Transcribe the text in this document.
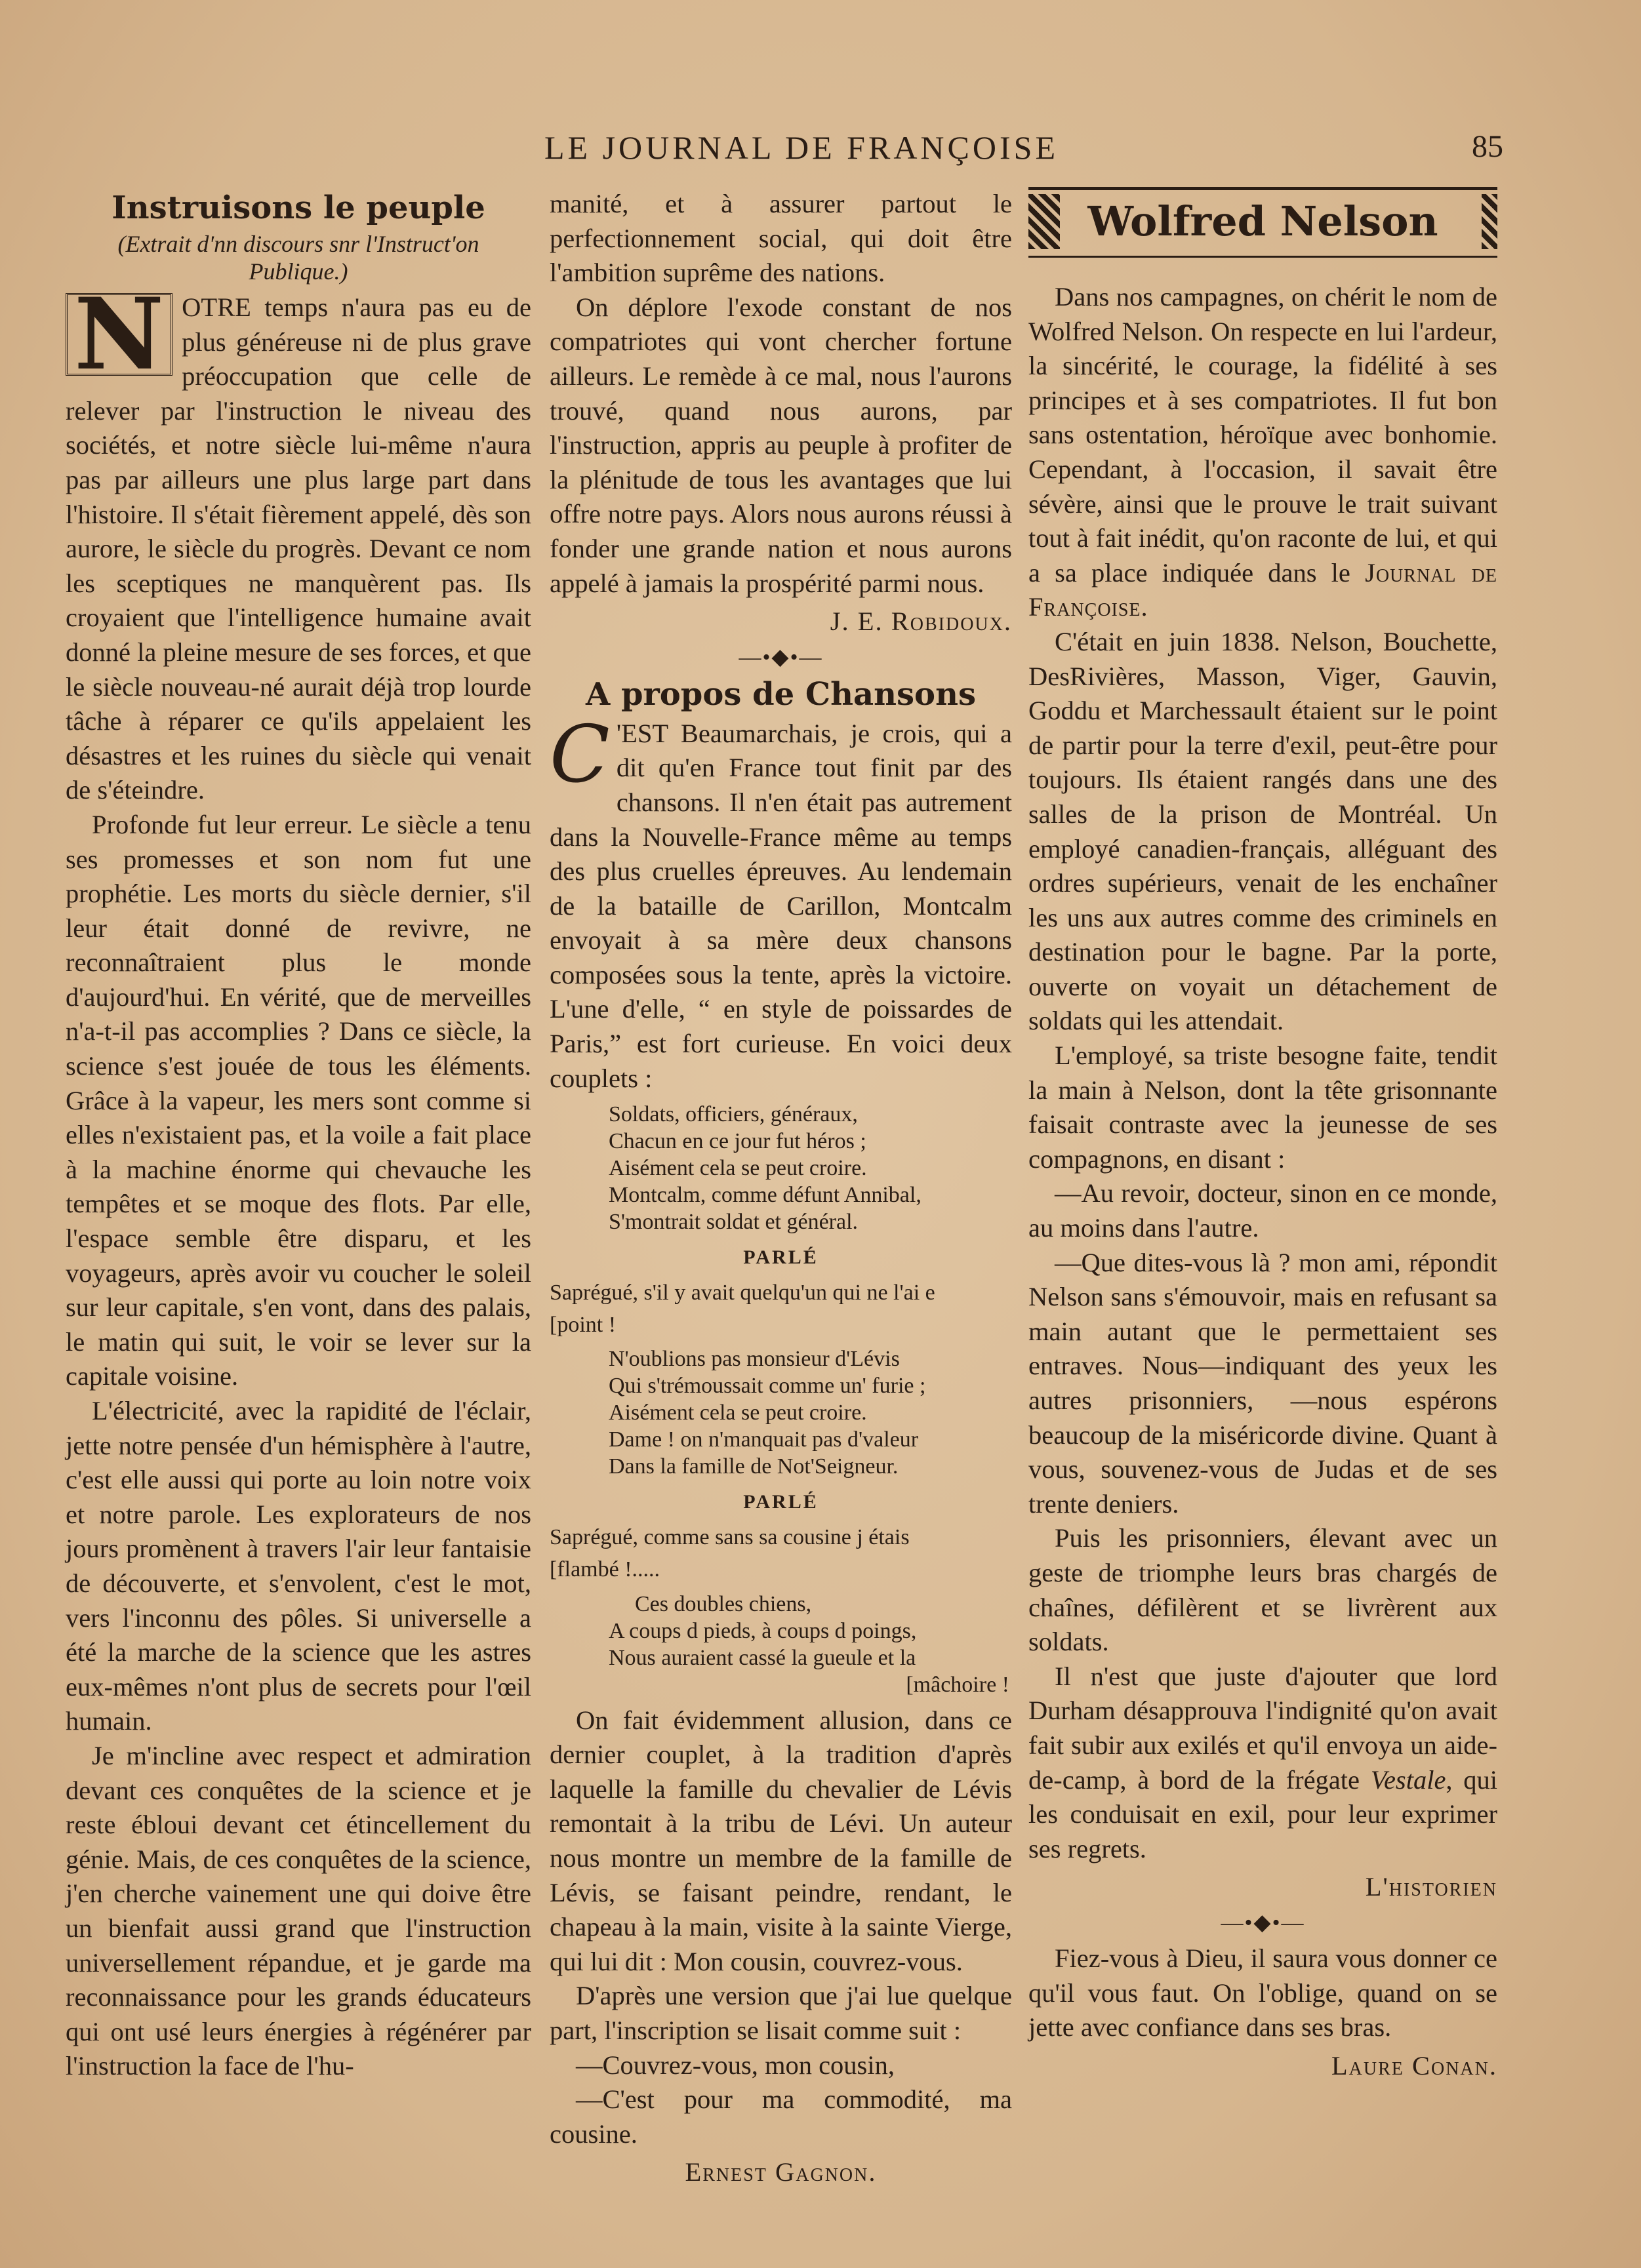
LE JOURNAL DE FRANÇOISE	85
Instruisons le peuple
(Extrait d'nn discours snr l'Instruct'on Publique.)

N OTRE temps n'aura pas eu de plus généreuse ni de plus grave préoccupation que celle de relever par l'instruction le niveau des sociétés, et notre siècle lui-même n'aura pas par ailleurs une plus large part dans l'histoire. Il s'était fièrement appelé, dès son aurore, le siècle du progrès. Devant ce nom les sceptiques ne manquèrent pas. Ils croyaient que l'intelligence humaine avait donné la pleine mesure de ses forces, et que le siècle nouveau-né aurait déjà trop lourde tâche à réparer ce qu'ils appelaient les désastres et les ruines du siècle qui venait de s'éteindre.

Profonde fut leur erreur. Le siècle a tenu ses promesses et son nom fut une prophétie. Les morts du siècle dernier, s'il leur était donné de revivre, ne reconnaîtraient plus le monde d'aujourd'hui. En vérité, que de merveilles n'a-t-il pas accomplies ? Dans ce siècle, la science s'est jouée de tous les éléments. Grâce à la vapeur, les mers sont comme si elles n'existaient pas, et la voile a fait place à la machine énorme qui chevauche les tempêtes et se moque des flots. Par elle, l'espace semble être disparu, et les voyageurs, après avoir vu coucher le soleil sur leur capitale, s'en vont, dans des palais, le matin qui suit, le voir se lever sur la capitale voisine.

L'électricité, avec la rapidité de l'éclair, jette notre pensée d'un hémisphère à l'autre, c'est elle aussi qui porte au loin notre voix et notre parole. Les explorateurs de nos jours promènent à travers l'air leur fantaisie de découverte, et s'envolent, c'est le mot, vers l'inconnu des pôles. Si universelle a été la marche de la science que les astres eux-mêmes n'ont plus de secrets pour l'œil humain.

Je m'incline avec respect et admiration devant ces conquêtes de la science et je reste ébloui devant cet étincellement du génie. Mais, de ces conquêtes de la science, j'en cherche vainement une qui doive être un bienfait aussi grand que l'instruction universellement répandue, et je garde ma reconnaissance pour les grands éducateurs qui ont usé leurs énergies à régénérer par l'instruction la face de l'hu-

manité, et à assurer partout le perfectionnement social, qui doit être l'ambition suprême des nations.

On déplore l'exode constant de nos compatriotes qui vont chercher fortune ailleurs. Le remède à ce mal, nous l'aurons trouvé, quand nous aurons, par l'instruction, appris au peuple à profiter de la plénitude de tous les avantages que lui offre notre pays. Alors nous aurons réussi à fonder une grande nation et nous aurons appelé à jamais la prospérité parmi nous.

J. E. Robidoux.
—•◆•—
A propos de Chansons

C 'EST Beaumarchais, je crois, qui a dit qu'en France tout finit par des chansons. Il n'en était pas autrement dans la Nouvelle-France même au temps des plus cruelles épreuves. Au lendemain de la bataille de Carillon, Montcalm envoyait à sa mère deux chansons composées sous la tente, après la victoire. L'une d'elle, “ en style de poissardes de Paris,” est fort curieuse. En voici deux couplets :

Soldats, officiers, généraux,
Chacun en ce jour fut héros ;
Aisément cela se peut croire.
Montcalm, comme défunt Annibal,
S'montrait soldat et général.
PARLÉ
Saprégué, s'il y avait quelqu'un qui ne l'ai e
[point !
N'oublions pas monsieur d'Lévis
Qui s'trémoussait comme un' furie ;
Aisément cela se peut croire.
Dame ! on n'manquait pas d'valeur
Dans la famille de Not'Seigneur.
PARLÉ
Saprégué, comme sans sa cousine j étais
[flambé !.....
Ces doubles chiens,
A coups d pieds, à coups d poings,
Nous auraient cassé la gueule et la
[mâchoire !

On fait évidemment allusion, dans ce dernier couplet, à la tradition d'après laquelle la famille du chevalier de Lévis remontait à la tribu de Lévi. Un auteur nous montre un membre de la famille de Lévis, se faisant peindre, rendant, le chapeau à la main, visite à la sainte Vierge, qui lui dit : Mon cousin, couvrez-vous.

D'après une version que j'ai lue quelque part, l'inscription se lisait comme suit :

—Couvrez-vous, mon cousin,

—C'est pour ma commodité, ma cousine.

Ernest Gagnon.
Wolfred Nelson

Dans nos campagnes, on chérit le nom de Wolfred Nelson. On respecte en lui l'ardeur, la sincérité, le courage, la fidélité à ses principes et à ses compatriotes. Il fut bon sans ostentation, héroïque avec bonhomie. Cependant, à l'occasion, il savait être sévère, ainsi que le prouve le trait suivant tout à fait inédit, qu'on raconte de lui, et qui a sa place indiquée dans le Journal de Françoise.

C'était en juin 1838. Nelson, Bouchette, DesRivières, Masson, Viger, Gauvin, Goddu et Marchessault étaient sur le point de partir pour la terre d'exil, peut-être pour toujours. Ils étaient rangés dans une des salles de la prison de Montréal. Un employé canadien-français, alléguant des ordres supérieurs, venait de les enchaîner les uns aux autres comme des criminels en destination pour le bagne. Par la porte, ouverte on voyait un détachement de soldats qui les attendait.

L'employé, sa triste besogne faite, tendit la main à Nelson, dont la tête grisonnante faisait contraste avec la jeunesse de ses compagnons, en disant :

—Au revoir, docteur, sinon en ce monde, au moins dans l'autre.

—Que dites-vous là ? mon ami, répondit Nelson sans s'émouvoir, mais en refusant sa main autant que le permettaient ses entraves. Nous—indiquant des yeux les autres prisonniers, —nous espérons beaucoup de la miséricorde divine. Quant à vous, souvenez-vous de Judas et de ses trente deniers.

Puis les prisonniers, élevant avec un geste de triomphe leurs bras chargés de chaînes, défilèrent et se livrèrent aux soldats.

Il n'est que juste d'ajouter que lord Durham désapprouva l'indignité qu'on avait fait subir aux exilés et qu'il envoya un aide-de-camp, à bord de la frégate Vestale, qui les conduisait en exil, pour leur exprimer ses regrets.

L'historien
—•◆•—

Fiez-vous à Dieu, il saura vous donner ce qu'il vous faut. On l'oblige, quand on se jette avec confiance dans ses bras.

Laure Conan.
